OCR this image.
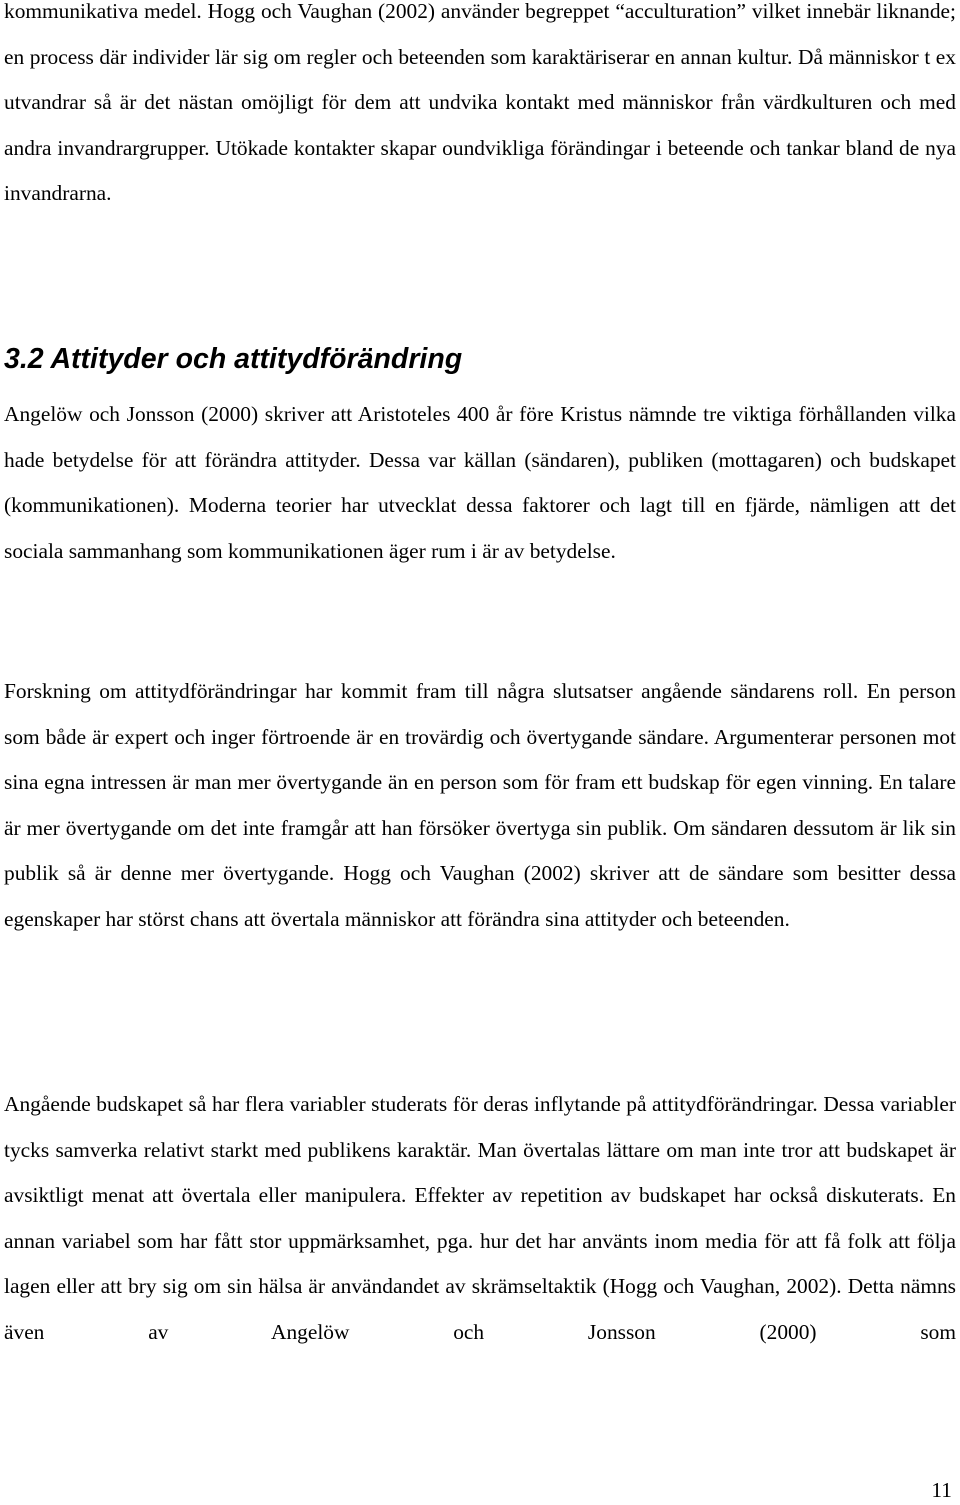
kommunikativa medel. Hogg och Vaughan (2002) använder begreppet “acculturation” vilket innebär liknande; en process där individer lär sig om regler och beteenden som karaktäriserar en annan kultur. Då människor t ex utvandrar så är det nästan omöjligt för dem att undvika kontakt med människor från värdkulturen och med andra invandrargrupper. Utökade kontakter skapar oundvikliga förändingar i beteende och tankar bland de nya invandrarna.

3.2 Attityder och attitydförändring

Angelöw och Jonsson (2000) skriver att Aristoteles 400 år före Kristus nämnde tre viktiga förhållanden vilka hade betydelse för att förändra attityder. Dessa var källan (sändaren), publiken (mottagaren) och budskapet (kommunikationen). Moderna teorier har utvecklat dessa faktorer och lagt till en fjärde, nämligen att det sociala sammanhang som kommunikationen äger rum i är av betydelse.

Forskning om attitydförändringar har kommit fram till några slutsatser angående sändarens roll. En person som både är expert och inger förtroende är en trovärdig och övertygande sändare. Argumenterar personen mot sina egna intressen är man mer övertygande än en person som för fram ett budskap för egen vinning. En talare är mer övertygande om det inte framgår att han försöker övertyga sin publik. Om sändaren dessutom är lik sin publik så är denne mer övertygande. Hogg och Vaughan (2002) skriver att de sändare som besitter dessa egenskaper har störst chans att övertala människor att förändra sina attityder och beteenden.

Angående budskapet så har flera variabler studerats för deras inflytande på attitydförändringar. Dessa variabler tycks samverka relativt starkt med publikens karaktär. Man övertalas lättare om man inte tror att budskapet är avsiktligt menat att övertala eller manipulera. Effekter av repetition av budskapet har också diskuterats. En annan variabel som har fått stor uppmärksamhet, pga. hur det har använts inom media för att få folk att följa lagen eller att bry sig om sin hälsa är användandet av skrämseltaktik (Hogg och Vaughan, 2002). Detta nämns även av Angelöw och Jonsson (2000) som

11
